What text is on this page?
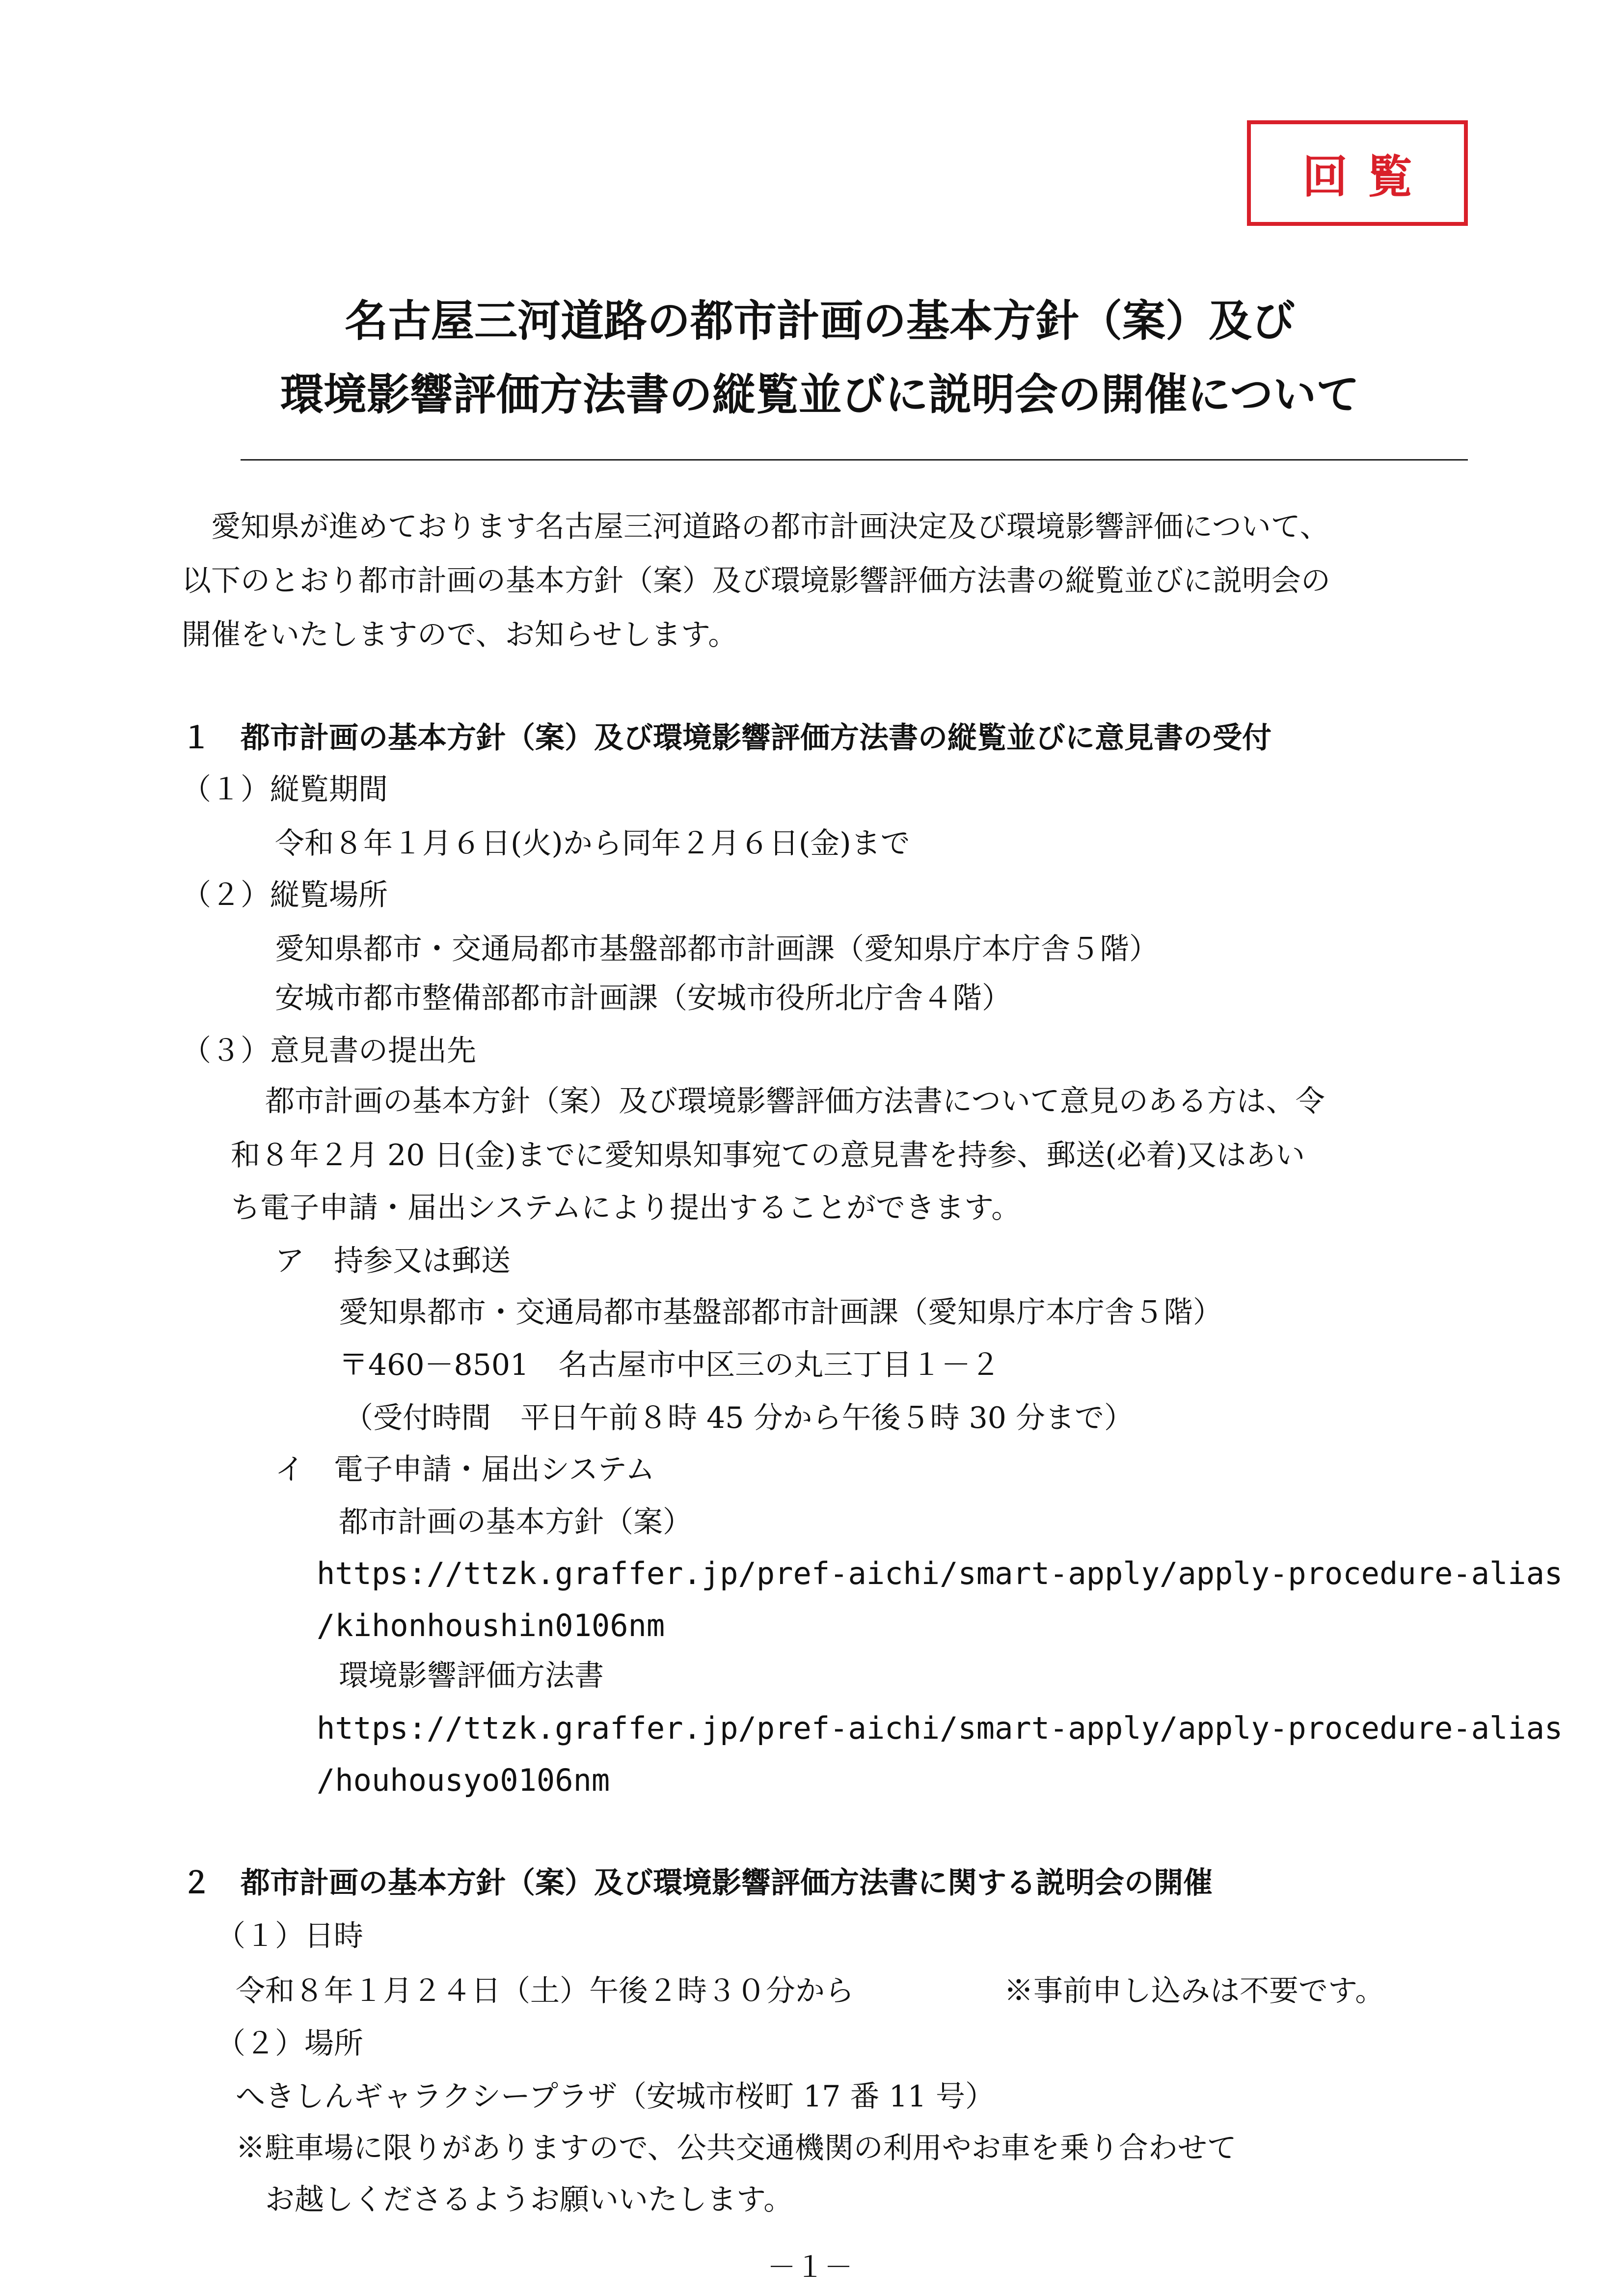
回覧
名古屋三河道路の都市計画の基本方針（案）及び
環境影響評価方法書の縦覧並びに説明会の開催について
　愛知県が進めております名古屋三河道路の都市計画決定及び環境影響評価について、
以下のとおり都市計画の基本方針（案）及び環境影響評価方法書の縦覧並びに説明会の
開催をいたしますので、お知らせします。
１ 都市計画の基本方針（案）及び環境影響評価方法書の縦覧並びに意見書の受付
（１）縦覧期間
令和８年１月６日(火)から同年２月６日(金)まで
（２）縦覧場所
愛知県都市・交通局都市基盤部都市計画課（愛知県庁本庁舎５階）
安城市都市整備部都市計画課（安城市役所北庁舎４階）
（３）意見書の提出先
都市計画の基本方針（案）及び環境影響評価方法書について意見のある方は、令
和８年２月 20 日(金)までに愛知県知事宛ての意見書を持参、郵送(必着)又はあい
ち電子申請・届出システムにより提出することができます。
ア　持参又は郵送
愛知県都市・交通局都市基盤部都市計画課（愛知県庁本庁舎５階）
〒460－8501　名古屋市中区三の丸三丁目１－２
（受付時間　平日午前８時 45 分から午後５時 30 分まで）
イ　電子申請・届出システム
都市計画の基本方針（案）
https://ttzk.graffer.jp/pref-aichi/smart-apply/apply-procedure-alias
/kihonhoushin0106nm
環境影響評価方法書
https://ttzk.graffer.jp/pref-aichi/smart-apply/apply-procedure-alias
/houhousyo0106nm
２ 都市計画の基本方針（案）及び環境影響評価方法書に関する説明会の開催
（１）日時
令和８年１月２４日（土）午後２時３０分から	※事前申し込みは不要です。
（２）場所
へきしんギャラクシープラザ（安城市桜町 17 番 11 号）
※駐車場に限りがありますので、公共交通機関の利用やお車を乗り合わせて
お越しくださるようお願いいたします。
－１－
